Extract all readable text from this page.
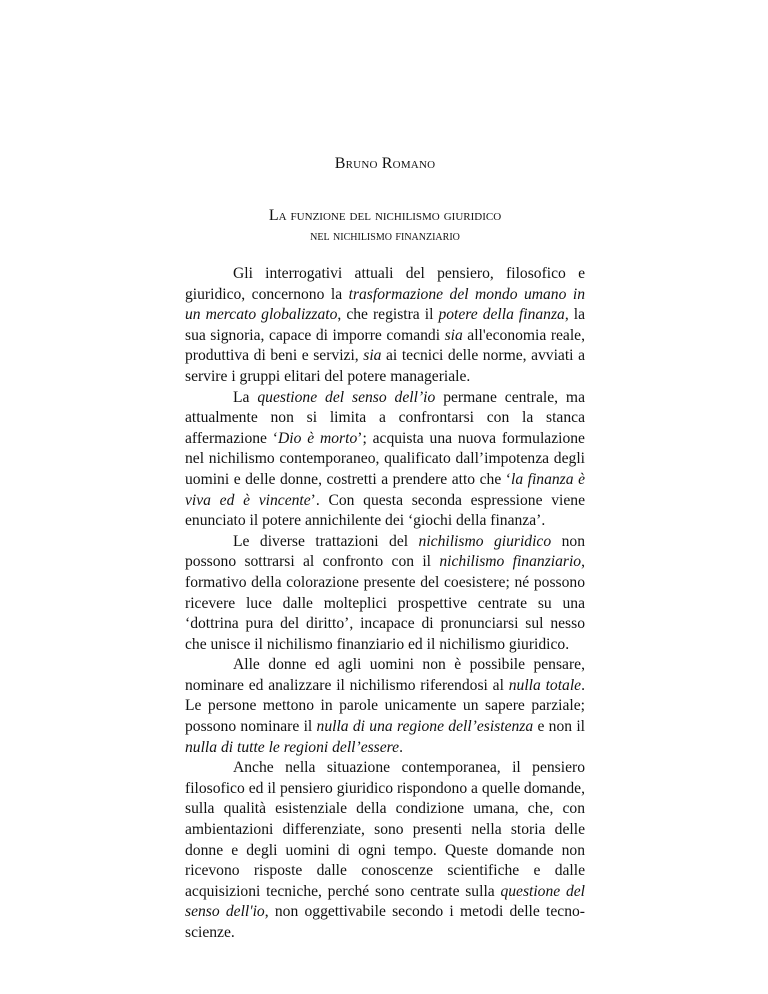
Bruno Romano

La funzione del nichilismo giuridico
nel nichilismo finanziario

Gli interrogativi attuali del pensiero, filosofico e giuridico, concernono la trasformazione del mondo umano in un mercato globalizzato, che registra il potere della finanza, la sua signoria, capace di imporre comandi sia all'economia reale, produttiva di beni e servizi, sia ai tecnici delle norme, avviati a servire i gruppi elitari del potere manageriale.

La questione del senso dell’io permane centrale, ma attualmente non si limita a confrontarsi con la stanca affermazione ‘Dio è morto’; acquista una nuova formulazione nel nichilismo contemporaneo, qualificato dall’impotenza degli uomini e delle donne, costretti a prendere atto che ‘la finanza è viva ed è vincente’. Con questa seconda espressione viene enunciato il potere annichilente dei ‘giochi della finanza’.

Le diverse trattazioni del nichilismo giuridico non possono sottrarsi al confronto con il nichilismo finanziario, formativo della colorazione presente del coesistere; né possono ricevere luce dalle molteplici prospettive centrate su una ‘dottrina pura del diritto’, incapace di pronunciarsi sul nesso che unisce il nichilismo finanziario ed il nichilismo giuridico.

Alle donne ed agli uomini non è possibile pensare, nominare ed analizzare il nichilismo riferendosi al nulla totale. Le persone mettono in parole unicamente un sapere parziale; possono nominare il nulla di una regione dell’esistenza e non il nulla di tutte le regioni dell’essere.

Anche nella situazione contemporanea, il pensiero filosofico ed il pensiero giuridico rispondono a quelle domande, sulla qualità esistenziale della condizione umana, che, con ambientazioni differenziate, sono presenti nella storia delle donne e degli uomini di ogni tempo. Queste domande non ricevono risposte dalle conoscenze scientifiche e dalle acquisizioni tecniche, perché sono centrate sulla questione del senso dell'io, non oggettivabile secondo i metodi delle tecno-scienze.
